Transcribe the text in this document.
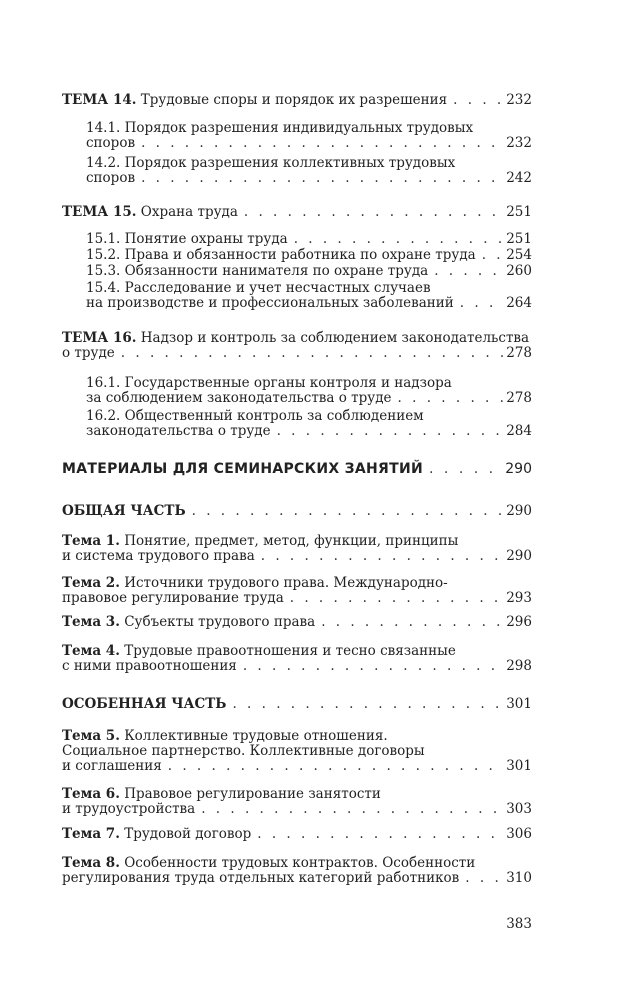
ТЕМА 14. Трудовые споры и порядок их разрешения . . .	232
14.1. Порядок разрешения индивидуальных трудовых
споров . . .	232
14.2. Порядок разрешения коллективных трудовых
споров . . .	242
ТЕМА 15. Охрана труда . . .	251
15.1. Понятие охраны труда . . .	251
15.2. Права и обязанности работника по охране труда . . . 254
15.3. Обязанности нанимателя по охране труда . . .	260
15.4. Расследование и учет несчастных случаев
на производстве и профессиональных заболеваний . . .	264
ТЕМА 16. Надзор и контроль за соблюдением законодательства
о труде . . .	278
16.1. Государственные органы контроля и надзора
за соблюдением законодательства о труде . . .	278
16.2. Общественный контроль за соблюдением
законодательства о труде . . .	284
МАТЕРИАЛЫ ДЛЯ СЕМИНАРСКИХ ЗАНЯТИЙ . . .	290
ОБЩАЯ ЧАСТЬ . . .	290
Тема 1. Понятие, предмет, метод, функции, принципы
и система трудового права . . .	290
Тема 2. Источники трудового права. Международно-
правовое регулирование труда . . .	293
Тема 3. Субъекты трудового права . . .	296
Тема 4. Трудовые правоотношения и тесно связанные
с ними правоотношения . . .	298
ОСОБЕННАЯ ЧАСТЬ . . .	301
Тема 5. Коллективные трудовые отношения.
Социальное партнерство. Коллективные договоры
и соглашения . . .	301
Тема 6. Правовое регулирование занятости
и трудоустройства . . .	303
Тема 7. Трудовой договор . . .	306
Тема 8. Особенности трудовых контрактов. Особенности
регулирования труда отдельных категорий работников . . .	310
383
